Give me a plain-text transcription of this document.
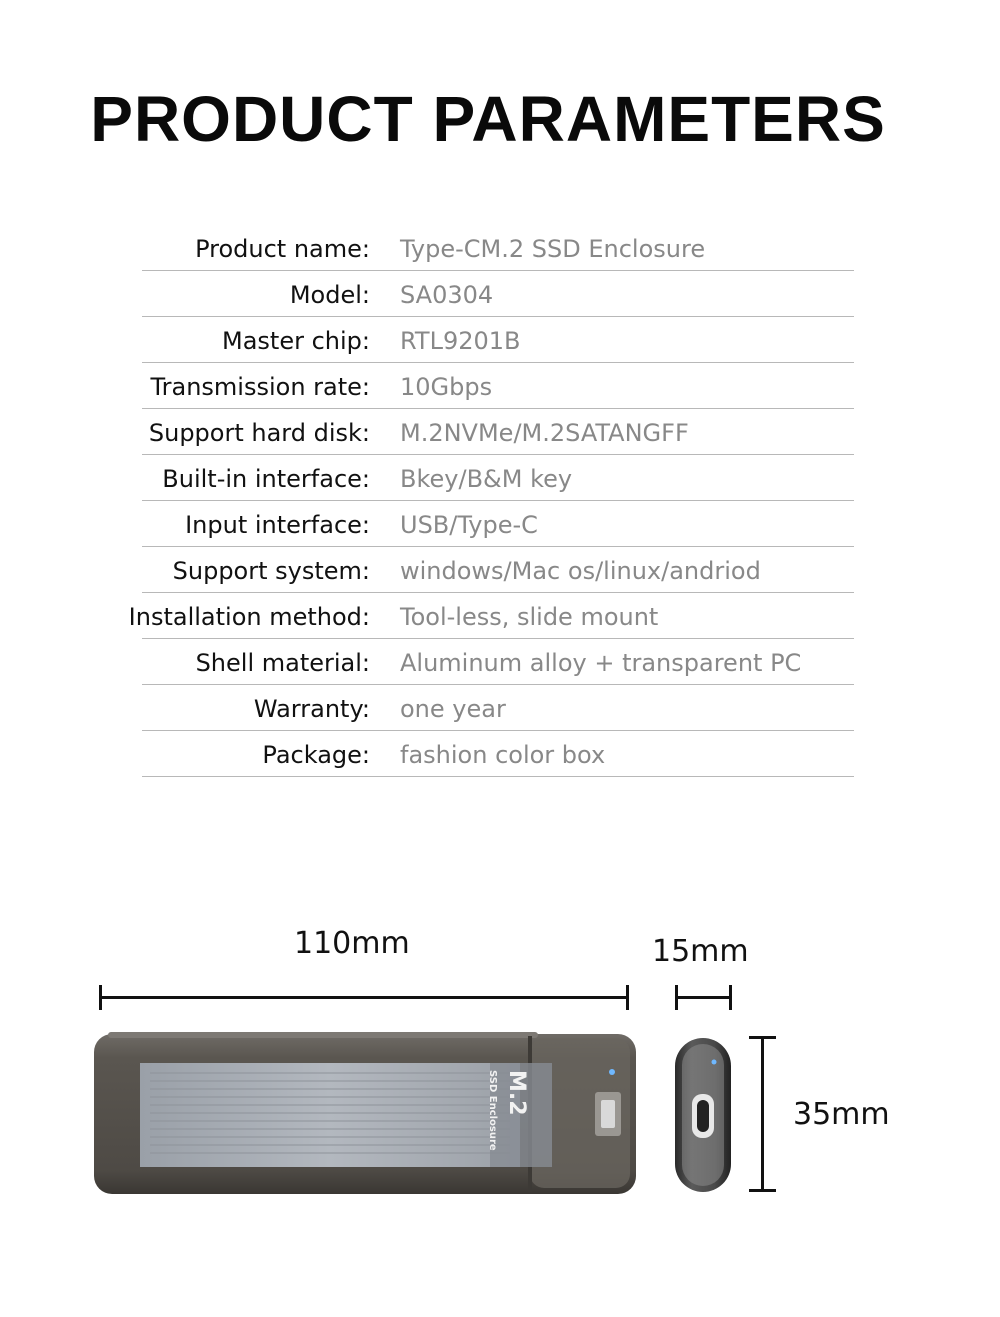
PRODUCT PARAMETERS
Product name: Type-CM.2 SSD Enclosure
Model: SA0304
Master chip: RTL9201B
Transmission rate: 10Gbps
Support hard disk: M.2NVMe/M.2SATANGFF
Built-in interface: Bkey/B&M key
Input interface: USB/Type-C
Support system: windows/Mac os/linux/andriod
Installation method: Tool-less, slide mount
Shell material: Aluminum alloy + transparent PC
Warranty: one year
Package: fashion color box
110mm	15mm
35mm
M.2
SSD Enclosure
